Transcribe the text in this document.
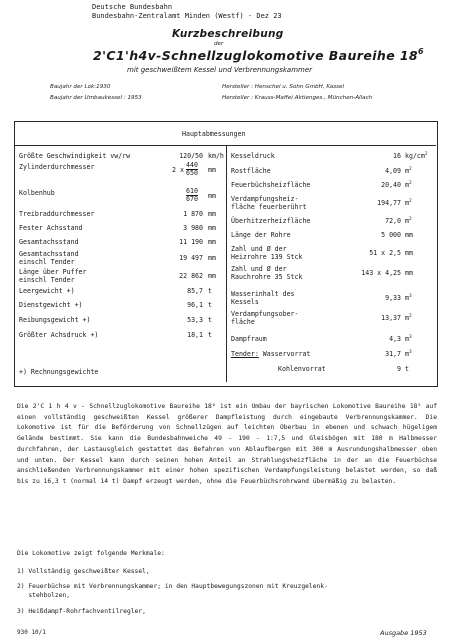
Deutsche Bundesbahn
Bundesbahn-Zentralamt Minden (Westf) - Dez 23
Kurzbeschreibung
der
2'C1'h4v-Schnellzuglokomotive Baureihe $18^6$
mit geschweißtem Kessel und Verbrennungskammer
Baujahr der Lok:1930
Baujahr der Umbaukessel : 1953
Hersteller : Henschel u. Sohn GmbH, Kassel
Hersteller : Krauss-Maffei Aktienges., München-Allach
Hauptabmessungen
Größte Geschwindigkeit vw/rw	120/50 km/h
Zylinderdurchmesser	2 x $\frac{440}{650}$ mm
Kolbenhub	$\frac{610}{670}$ mm
Treibraddurchmesser	1 870 mm
Fester Achsstand	3 980 mm
Gesamtachsstand	11 190 mm
Gesamtachsstand
einschl Tender	19 497 mm
Länge über Puffer
einschl Tender	22 862 mm
Leergewicht +)	85,7 t
Dienstgewicht +)	96,1 t
Reibungsgewicht +)	53,3 t
Größter Achsdruck +)	18,1 t
Kesseldruck	16 $kg/cm^2$
Rostfläche	4,09 $m^2$
Feuerbüchsheizfläche	20,40 $m^2$
Verdampfungsheiz-
fläche feuerberührt	194,77 $m^2$
Überhitzerheizfläche	72,0 $m^2$
Länge der Rohre	5 000 mm
Zahl und Ø der
Heizrohre 139 Stck	51 x 2,5 mm
Zahl und Ø der
Rauchrohre 35 Stck	143 x 4,25 mm
Wasserinhalt des
Kessels	9,33 $m^3$
Verdampfungsober-
fläche	13,37 $m^2$
Dampfraum	4,3 $m^3$
Tender: Wasservorrat	31,7 $m^3$
Kohlenvorrat	9 t
+) Rechnungsgewichte
Die 2'C 1 h 4 v - Schnellzuglokomotive Baureihe 18⁶ ist ein Umbau der bayrischen Lokomotive Baureihe 18⁵ auf einen vollständig geschweißten Kessel größerer Dampfleistung durch eingebaute Verbrennungskammer. Die Lokomotive ist für die Beförderung von Schnellzügen auf leichten Oberbau in ebenen und schwach hügeligem Gelände bestimmt. Sie kann die Bundesbahnweiche 49 - 190 - 1:7,5 und Gleisbögen mit 180 m Halbmesser durchfahren, der Lastausgleich gestattet das Befahren von Ablaufbergen mit 300 m Ausrundungshalbmesser oben und unten. Der Kessel kann durch seinen hohen Anteil an Strahlungsheizfläche in der an die Feuerbüchse anschließenden Verbrennungskammer mit einer hohen spezifischen Verdampfungsleistung belastet werden, so daß bis zu 16,3 t (normal 14 t) Dampf erzeugt werden, ohne die Feuerbüchsrohrwand übermäßig zu belasten.
Die Lokomotive zeigt folgende Merkmale:
1) Vollständig geschweißter Kessel,
2) Feuerbüchse mit Verbrennungskammer; in den Hauptbewegungszonen mit Kreuzgelenk-
stehbolzen,
3) Heißdampf-Rohrfachventilregler,
930 10/1	Ausgabe 1953
